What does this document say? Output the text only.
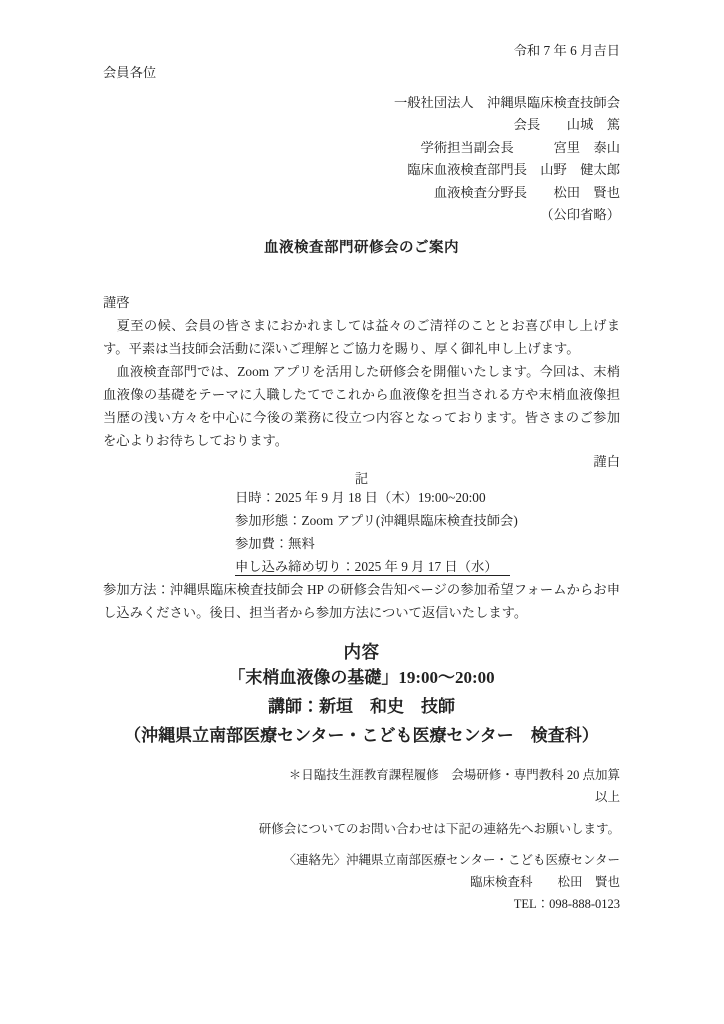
令和 7 年 6 月吉日
会員各位
一般社団法人　沖縄県臨床検査技師会
会長　　山城　篤
学術担当副会長　　　宮里　泰山
臨床血液検査部門長　山野　健太郎
血液検査分野長　　松田　賢也
（公印省略）
血液検査部門研修会のご案内
謹啓

　夏至の候、会員の皆さまにおかれましては益々のご清祥のこととお喜び申し上げます。平素は当技師会活動に深いご理解とご協力を賜り、厚く御礼申し上げます。

　血液検査部門では、Zoom アプリを活用した研修会を開催いたします。今回は、末梢血液像の基礎をテーマに入職したてでこれから血液像を担当される方や末梢血液像担当歴の浅い方々を中心に今後の業務に役立つ内容となっております。皆さまのご参加を心よりお待ちしております。

謹白
記
日時：2025 年 9 月 18 日（木）19:00~20:00
参加形態：Zoom アプリ(沖縄県臨床検査技師会)
参加費：無料
申し込み締め切り：2025 年 9 月 17 日（水）

参加方法：沖縄県臨床検査技師会 HP の研修会告知ページの参加希望フォームからお申し込みください。後日、担当者から参加方法について返信いたします。

内容
「末梢血液像の基礎」19:00～20:00
講師：新垣　和史　技師
（沖縄県立南部医療センター・こども医療センター　検査科）
＊日臨技生涯教育課程履修　会場研修・専門教科 20 点加算
以上
研修会についてのお問い合わせは下記の連絡先へお願いします。
〈連絡先〉沖縄県立南部医療センター・こども医療センター
臨床検査科　　松田　賢也
TEL：098-888-0123
